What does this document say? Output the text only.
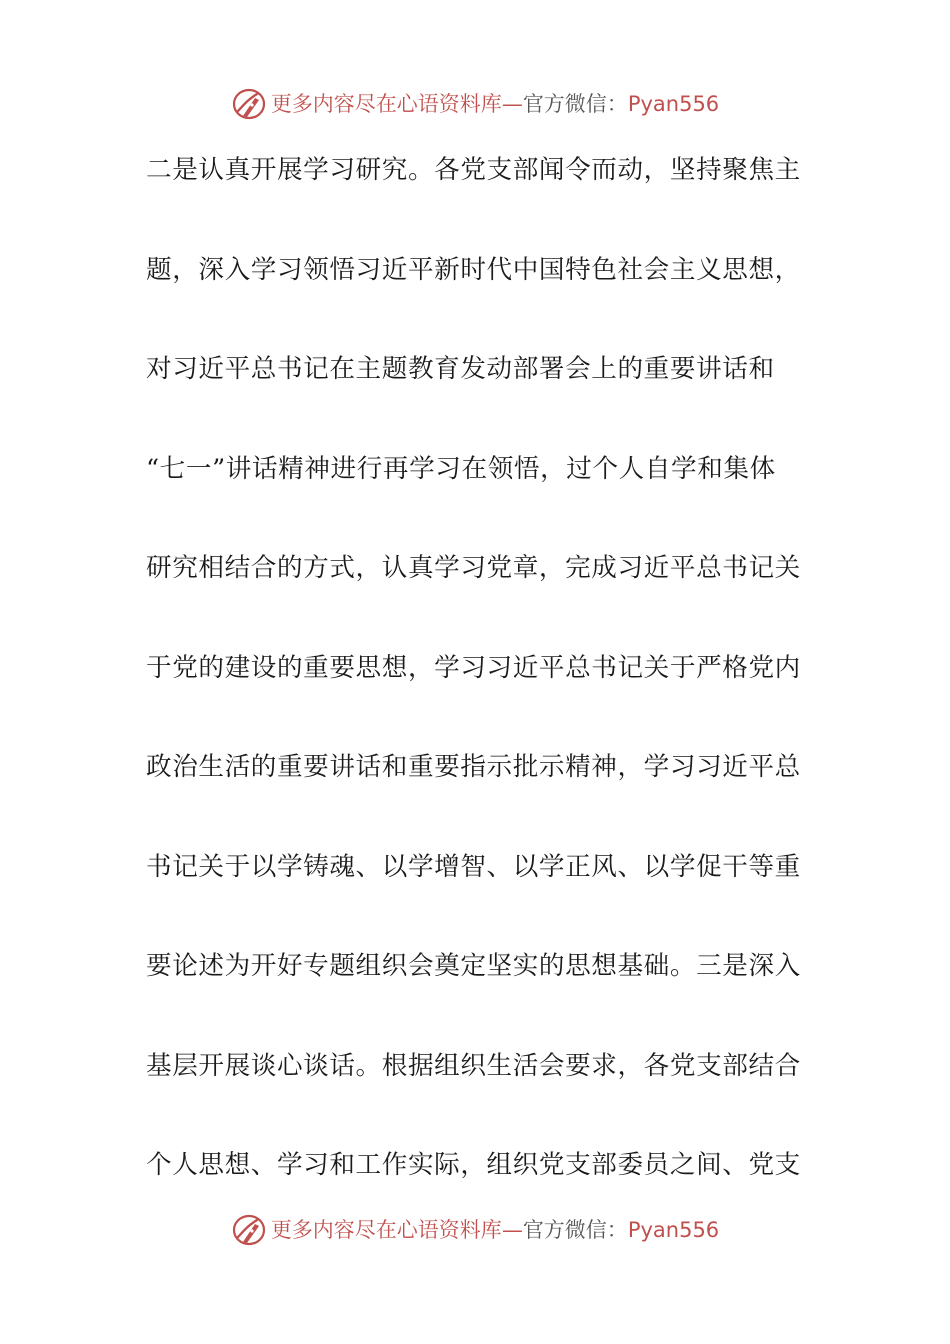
更多内容尽在心语资料库—官方微信：Pyan556
二是认真开展学习研究。各党支部闻令而动，坚持聚焦主
题，深入学习领悟习近平新时代中国特色社会主义思想，
对习近平总书记在主题教育发动部署会上的重要讲话和
“七一”讲话精神进行再学习在领悟，过个人自学和集体
研究相结合的方式，认真学习党章，完成习近平总书记关
于党的建设的重要思想，学习习近平总书记关于严格党内
政治生活的重要讲话和重要指示批示精神，学习习近平总
书记关于以学铸魂、以学增智、以学正风、以学促干等重
要论述为开好专题组织会奠定坚实的思想基础。三是深入
基层开展谈心谈话。根据组织生活会要求，各党支部结合
个人思想、学习和工作实际，组织党支部委员之间、党支
更多内容尽在心语资料库—官方微信：Pyan556
